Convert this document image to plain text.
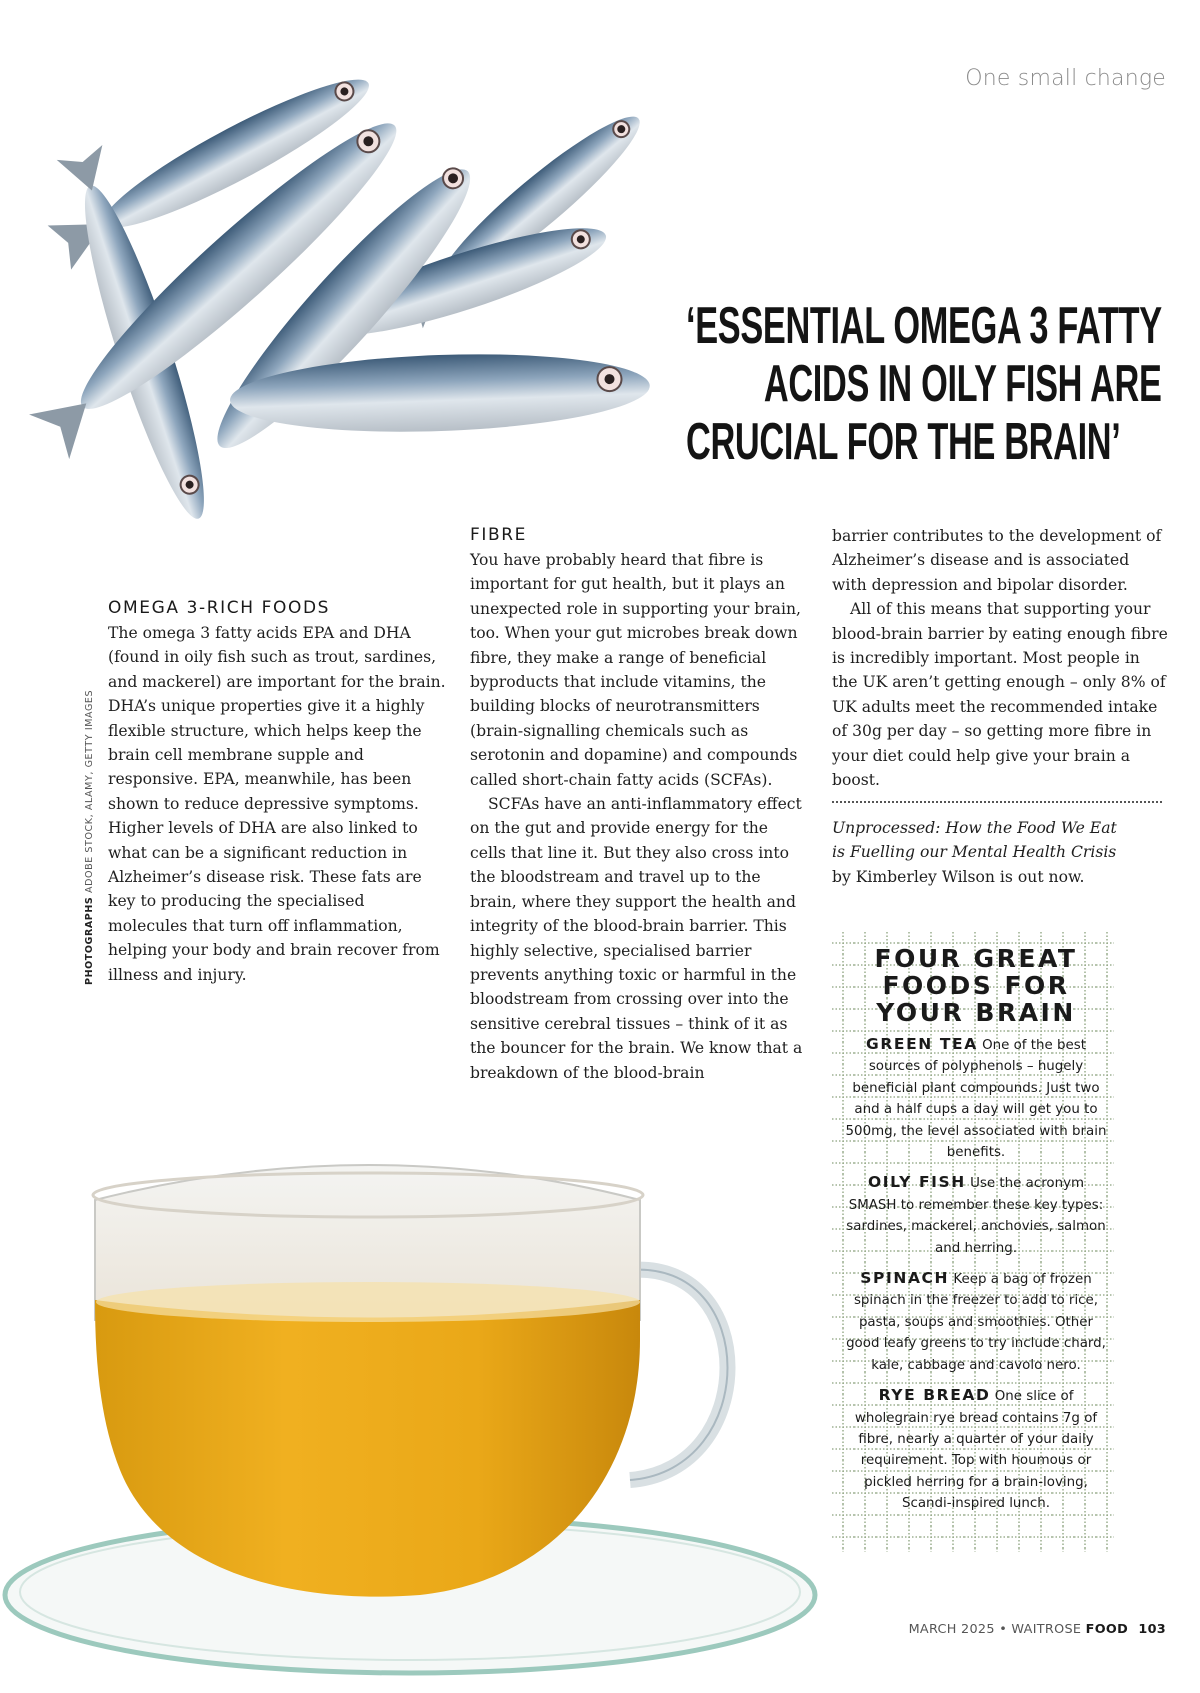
One small change
‘ESSENTIAL OMEGA 3 FATTY
ACIDS IN OILY FISH ARE
CRUCIAL FOR THE BRAIN’
PHOTOGRAPHS ADOBE STOCK, ALAMY, GETTY IMAGES
OMEGA 3-RICH FOODS

The omega 3 fatty acids EPA and DHA (found in oily fish such as trout, sardines, and mackerel) are important for the brain. DHA’s unique properties give it a highly flexible structure, which helps keep the brain cell membrane supple and responsive. EPA, meanwhile, has been shown to reduce depressive symptoms. Higher levels of DHA are also linked to what can be a significant reduction in Alzheimer’s disease risk. These fats are key to producing the specialised molecules that turn off inflammation, helping your body and brain recover from illness and injury.

FIBRE

You have probably heard that fibre is important for gut health, but it plays an unexpected role in supporting your brain, too. When your gut microbes break down fibre, they make a range of beneficial byproducts that include vitamins, the building blocks of neurotransmitters (brain-signalling chemicals such as serotonin and dopamine) and compounds called short-chain fatty acids (SCFAs).

SCFAs have an anti-inflammatory effect on the gut and provide energy for the cells that line it. But they also cross into the bloodstream and travel up to the brain, where they support the health and integrity of the blood-brain barrier. This highly selective, specialised barrier prevents anything toxic or harmful in the bloodstream from crossing over into the sensitive cerebral tissues – think of it as the bouncer for the brain. We know that a breakdown of the blood-brain

barrier contributes to the development of Alzheimer’s disease and is associated with depression and bipolar disorder.

All of this means that supporting your blood-brain barrier by eating enough fibre is incredibly important. Most people in the UK aren’t getting enough – only 8% of UK adults meet the recommended intake of 30g per day – so getting more fibre in your diet could help give your brain a boost.

Unprocessed: How the Food We Eat
is Fuelling our Mental Health Crisis
by Kimberley Wilson is out now.
FOUR GREAT
FOODS FOR
YOUR BRAIN
GREEN TEA One of the best sources of polyphenols – hugely beneficial plant compounds. Just two and a half cups a day will get you to 500mg, the level associated with brain benefits.
OILY FISH Use the acronym SMASH to remember these key types: sardines, mackerel, anchovies, salmon and herring.
SPINACH Keep a bag of frozen spinach in the freezer to add to rice, pasta, soups and smoothies. Other good leafy greens to try include chard, kale, cabbage and cavolo nero.
RYE BREAD One slice of wholegrain rye bread contains 7g of fibre, nearly a quarter of your daily requirement. Top with houmous or pickled herring for a brain-loving, Scandi-inspired lunch.
MARCH 2025 • WAITROSE FOOD 103
